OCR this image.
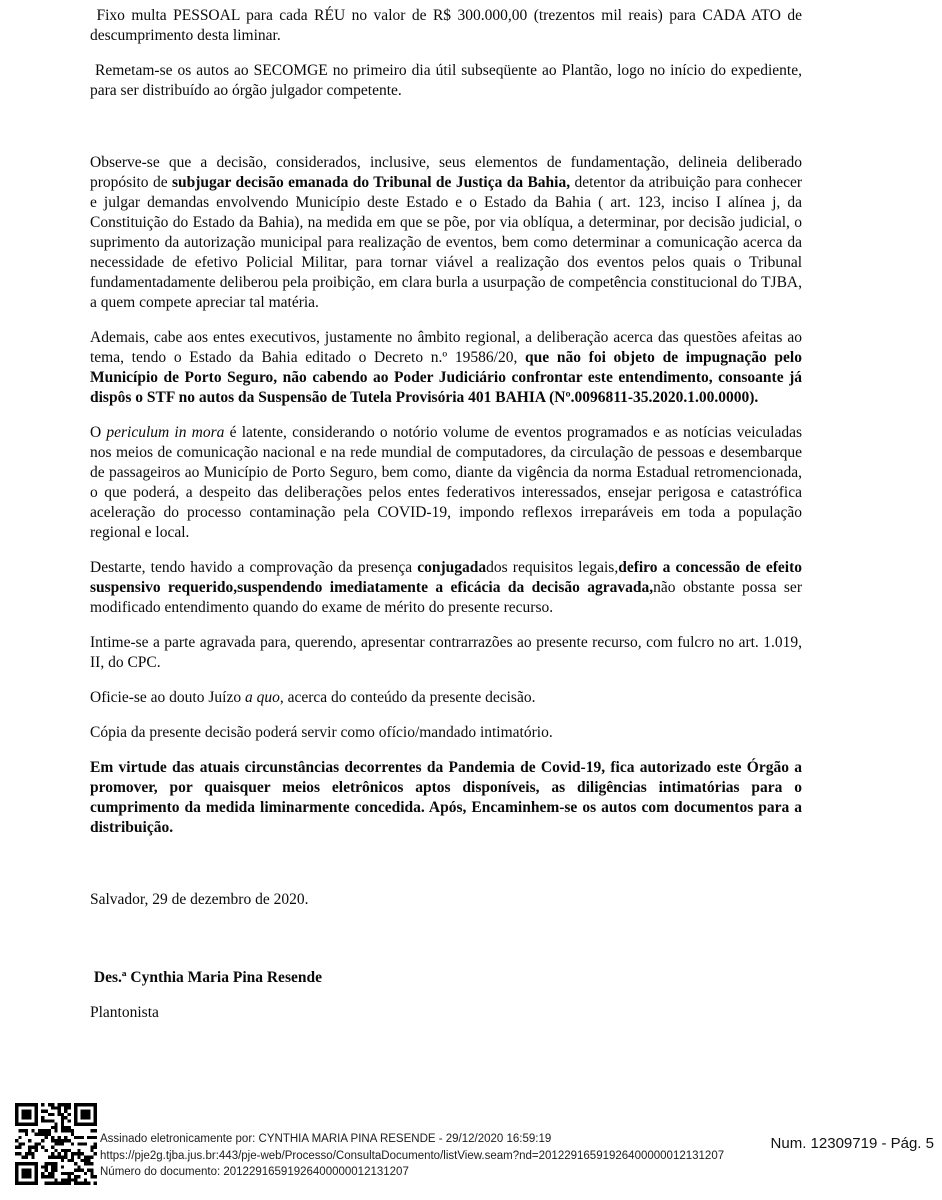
Fixo multa PESSOAL para cada RÉU no valor de R$ 300.000,00 (trezentos mil reais) para CADA ATO de descumprimento desta liminar.

Remetam-se os autos ao SECOMGE no primeiro dia útil subseqüente ao Plantão, logo no início do expediente, para ser distribuído ao órgão julgador competente.

Observe-se que a decisão, considerados, inclusive, seus elementos de fundamentação, delineia deliberado propósito de subjugar decisão emanada do Tribunal de Justiça da Bahia, detentor da atribuição para conhecer e julgar demandas envolvendo Município deste Estado e o Estado da Bahia ( art. 123, inciso I alínea j, da Constituição do Estado da Bahia), na medida em que se põe, por via oblíqua, a determinar, por decisão judicial, o suprimento da autorização municipal para realização de eventos, bem como determinar a comunicação acerca da necessidade de efetivo Policial Militar, para tornar viável a realização dos eventos pelos quais o Tribunal fundamentadamente deliberou pela proibição, em clara burla a usurpação de competência constitucional do TJBA, a quem compete apreciar tal matéria.

Ademais, cabe aos entes executivos, justamente no âmbito regional, a deliberação acerca das questões afeitas ao tema, tendo o Estado da Bahia editado o Decreto n.º 19586/20, que não foi objeto de impugnação pelo Município de Porto Seguro, não cabendo ao Poder Judiciário confrontar este entendimento, consoante já dispôs o STF no autos da Suspensão de Tutela Provisória 401 BAHIA (Nº.0096811-35.2020.1.00.0000).

O periculum in mora é latente, considerando o notório volume de eventos programados e as notícias veiculadas nos meios de comunicação nacional e na rede mundial de computadores, da circulação de pessoas e desembarque de passageiros ao Município de Porto Seguro, bem como, diante da vigência da norma Estadual retromencionada, o que poderá, a despeito das deliberações pelos entes federativos interessados, ensejar perigosa e catastrófica aceleração do processo contaminação pela COVID-19, impondo reflexos irreparáveis em toda a população regional e local.

Destarte, tendo havido a comprovação da presença conjugadados requisitos legais,defiro a concessão de efeito suspensivo requerido,suspendendo imediatamente a eficácia da decisão agravada,não obstante possa ser modificado entendimento quando do exame de mérito do presente recurso.

Intime-se a parte agravada para, querendo, apresentar contrarrazões ao presente recurso, com fulcro no art. 1.019, II, do CPC.

Oficie-se ao douto Juízo a quo, acerca do conteúdo da presente decisão.

Cópia da presente decisão poderá servir como ofício/mandado intimatório.

Em virtude das atuais circunstâncias decorrentes da Pandemia de Covid-19, fica autorizado este Órgão a promover, por quaisquer meios eletrônicos aptos disponíveis, as diligências intimatórias para o cumprimento da medida liminarmente concedida. Após, Encaminhem-se os autos com documentos para a distribuição.

Salvador, 29 de dezembro de 2020.

Des.ª Cynthia Maria Pina Resende

Plantonista

Assinado eletronicamente por: CYNTHIA MARIA PINA RESENDE - 29/12/2020 16:59:19
https://pje2g.tjba.jus.br:443/pje-web/Processo/ConsultaDocumento/listView.seam?nd=20122916591926400000012131207
Número do documento: 20122916591926400000012131207
Num. 12309719 - Pág. 5
